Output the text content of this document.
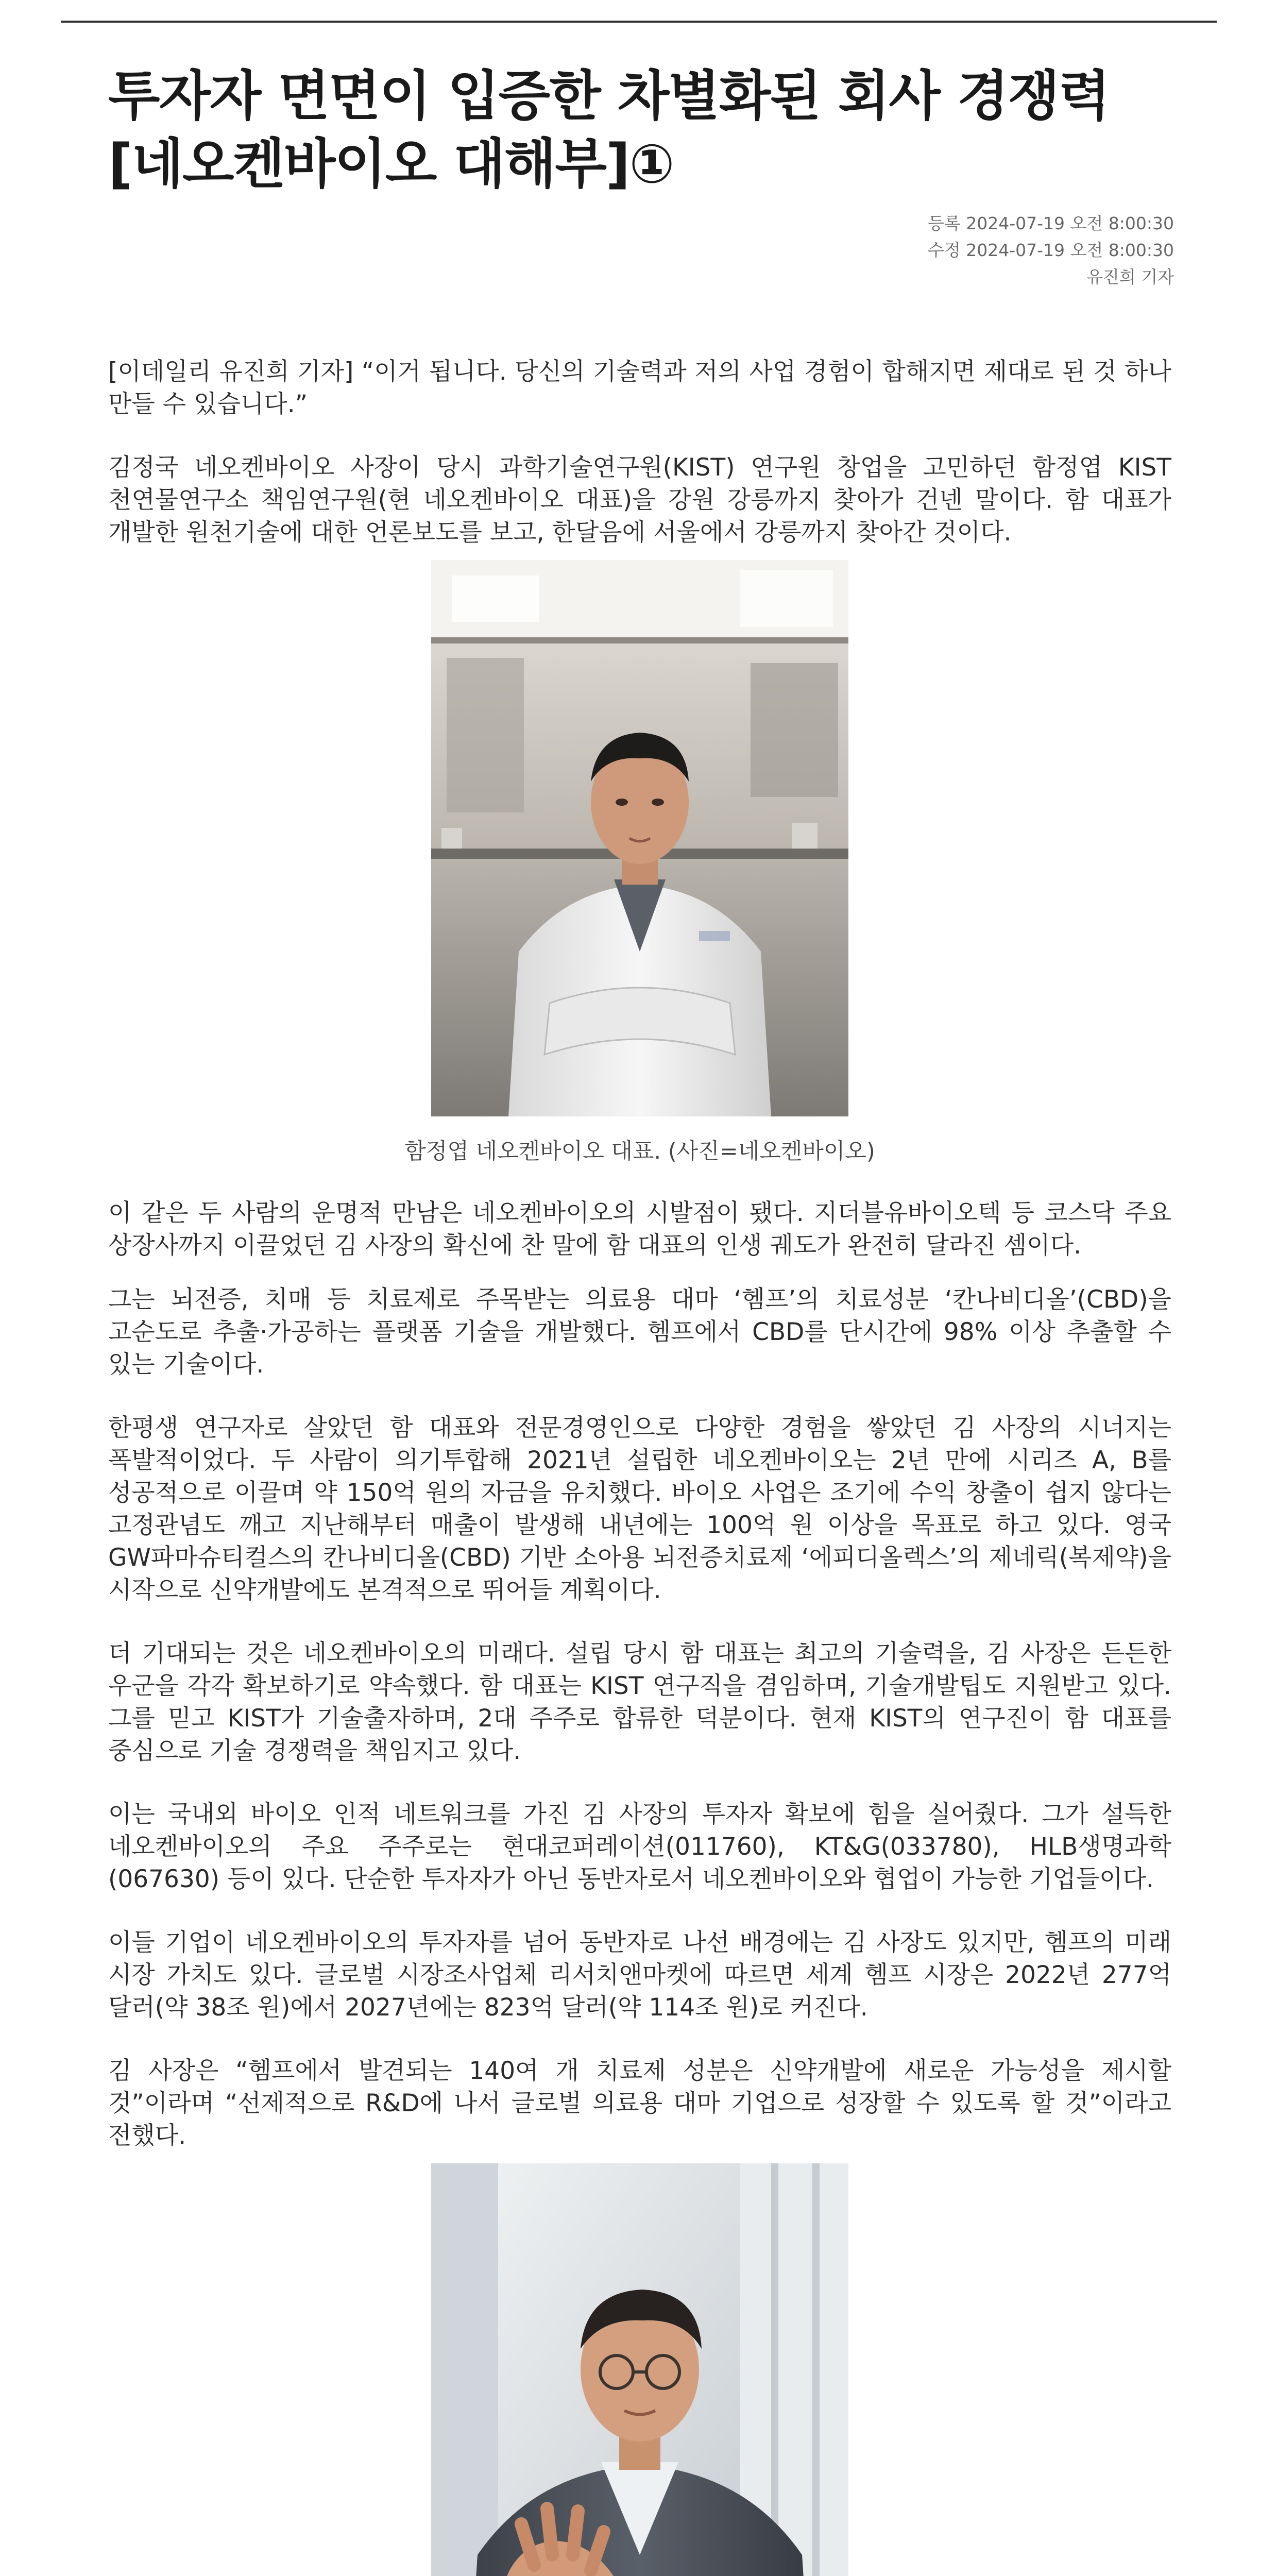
투자자 면면이 입증한 차별화된 회사 경쟁력
[네오켄바이오 대해부]①
등록 2024-07-19 오전 8:00:30
수정 2024-07-19 오전 8:00:30
유진희 기자

[이데일리 유진희 기자] “이거 됩니다. 당신의 기술력과 저의 사업 경험이 합해지면 제대로 된 것 하나 만들 수 있습니다.”

김정국 네오켄바이오 사장이 당시 과학기술연구원(KIST) 연구원 창업을 고민하던 함정엽 KIST 천연물연구소 책임연구원(현 네오켄바이오 대표)을 강원 강릉까지 찾아가 건넨 말이다. 함 대표가 개발한 원천기술에 대한 언론보도를 보고, 한달음에 서울에서 강릉까지 찾아간 것이다.

함정엽 네오켄바이오 대표. (사진=네오켄바이오)

이 같은 두 사람의 운명적 만남은 네오켄바이오의 시발점이 됐다. 지더블유바이오텍 등 코스닥 주요 상장사까지 이끌었던 김 사장의 확신에 찬 말에 함 대표의 인생 궤도가 완전히 달라진 셈이다.

그는 뇌전증, 치매 등 치료제로 주목받는 의료용 대마 ‘헴프’의 치료성분 ‘칸나비디올’(CBD)을 고순도로 추출·가공하는 플랫폼 기술을 개발했다. 헴프에서 CBD를 단시간에 98% 이상 추출할 수 있는 기술이다.

한평생 연구자로 살았던 함 대표와 전문경영인으로 다양한 경험을 쌓았던 김 사장의 시너지는 폭발적이었다. 두 사람이 의기투합해 2021년 설립한 네오켄바이오는 2년 만에 시리즈 A, B를 성공적으로 이끌며 약 150억 원의 자금을 유치했다. 바이오 사업은 조기에 수익 창출이 쉽지 않다는 고정관념도 깨고 지난해부터 매출이 발생해 내년에는 100억 원 이상을 목표로 하고 있다. 영국 GW파마슈티컬스의 칸나비디올(CBD) 기반 소아용 뇌전증치료제 ‘에피디올렉스’의 제네릭(복제약)을 시작으로 신약개발에도 본격적으로 뛰어들 계획이다.

더 기대되는 것은 네오켄바이오의 미래다. 설립 당시 함 대표는 최고의 기술력을, 김 사장은 든든한 우군을 각각 확보하기로 약속했다. 함 대표는 KIST 연구직을 겸임하며, 기술개발팁도 지원받고 있다. 그를 믿고 KIST가 기술출자하며, 2대 주주로 합류한 덕분이다. 현재 KIST의 연구진이 함 대표를 중심으로 기술 경쟁력을 책임지고 있다.

이는 국내외 바이오 인적 네트워크를 가진 김 사장의 투자자 확보에 힘을 실어줬다. 그가 설득한 네오켄바이오의 주요 주주로는 현대코퍼레이션(011760), KT&G(033780), HLB생명과학(067630) 등이 있다. 단순한 투자자가 아닌 동반자로서 네오켄바이오와 협업이 가능한 기업들이다.

이들 기업이 네오켄바이오의 투자자를 넘어 동반자로 나선 배경에는 김 사장도 있지만, 헴프의 미래 시장 가치도 있다. 글로벌 시장조사업체 리서치앤마켓에 따르면 세계 헴프 시장은 2022년 277억 달러(약 38조 원)에서 2027년에는 823억 달러(약 114조 원)로 커진다.

김 사장은 “헴프에서 발견되는 140여 개 치료제 성분은 신약개발에 새로운 가능성을 제시할 것”이라며 “선제적으로 R&D에 나서 글로벌 의료용 대마 기업으로 성장할 수 있도록 할 것”이라고 전했다.
